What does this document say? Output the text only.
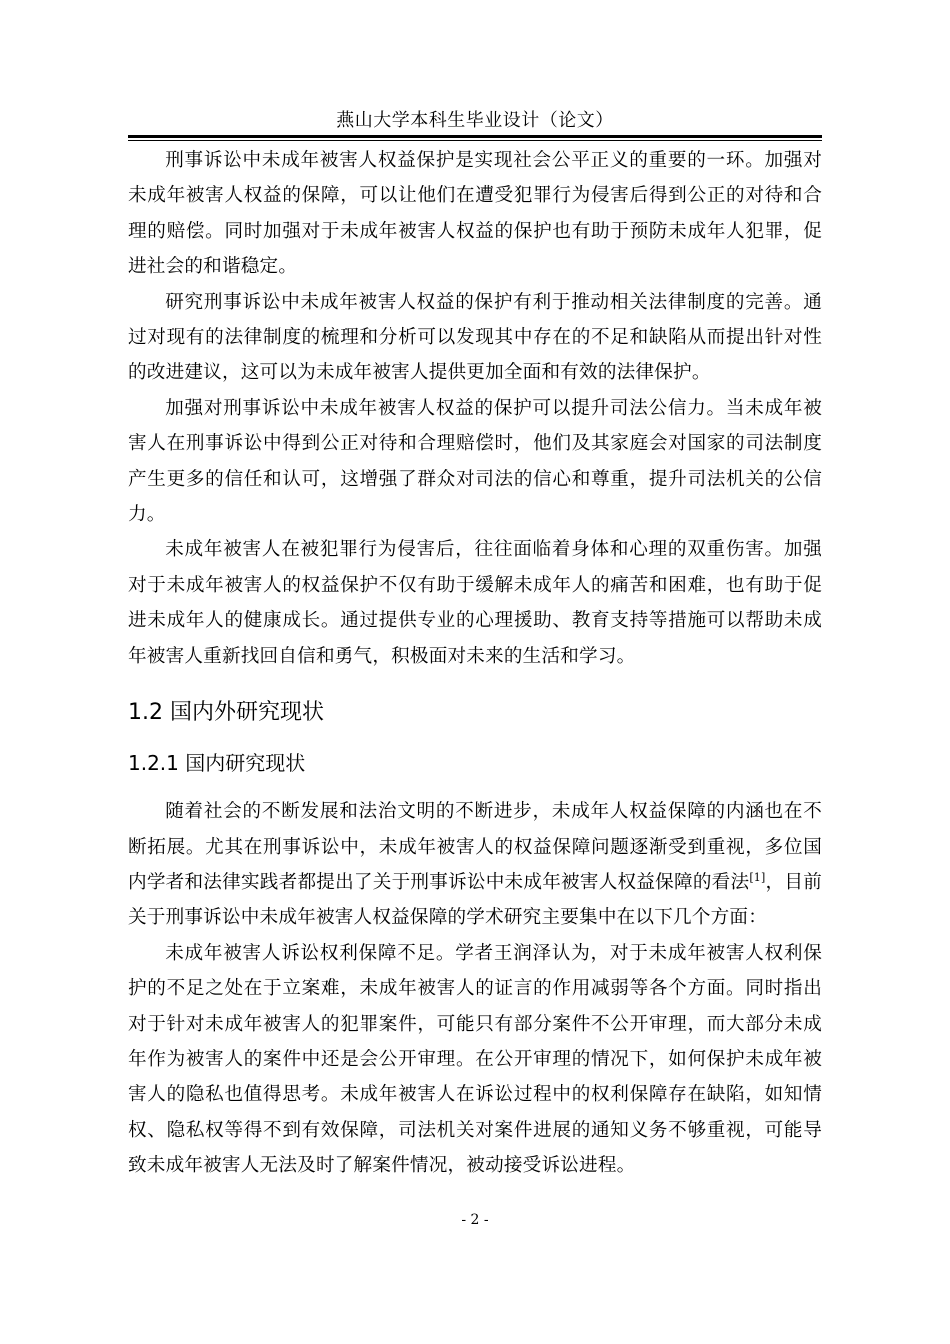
燕山大学本科生毕业设计（论文）

刑事诉讼中未成年被害人权益保护是实现社会公平正义的重要的一环。加强对未成年被害人权益的保障，可以让他们在遭受犯罪行为侵害后得到公正的对待和合理的赔偿。同时加强对于未成年被害人权益的保护也有助于预防未成年人犯罪，促进社会的和谐稳定。

研究刑事诉讼中未成年被害人权益的保护有利于推动相关法律制度的完善。通过对现有的法律制度的梳理和分析可以发现其中存在的不足和缺陷从而提出针对性的改进建议，这可以为未成年被害人提供更加全面和有效的法律保护。

加强对刑事诉讼中未成年被害人权益的保护可以提升司法公信力。当未成年被害人在刑事诉讼中得到公正对待和合理赔偿时，他们及其家庭会对国家的司法制度产生更多的信任和认可，这增强了群众对司法的信心和尊重，提升司法机关的公信力。

未成年被害人在被犯罪行为侵害后，往往面临着身体和心理的双重伤害。加强对于未成年被害人的权益保护不仅有助于缓解未成年人的痛苦和困难，也有助于促进未成年人的健康成长。通过提供专业的心理援助、教育支持等措施可以帮助未成年被害人重新找回自信和勇气，积极面对未来的生活和学习。

1.2 国内外研究现状
1.2.1 国内研究现状

随着社会的不断发展和法治文明的不断进步，未成年人权益保障的内涵也在不断拓展。尤其在刑事诉讼中，未成年被害人的权益保障问题逐渐受到重视，多位国内学者和法律实践者都提出了关于刑事诉讼中未成年被害人权益保障的看法[1]，目前关于刑事诉讼中未成年被害人权益保障的学术研究主要集中在以下几个方面：

未成年被害人诉讼权利保障不足。学者王润泽认为，对于未成年被害人权利保护的不足之处在于立案难，未成年被害人的证言的作用减弱等各个方面。同时指出对于针对未成年被害人的犯罪案件，可能只有部分案件不公开审理，而大部分未成年作为被害人的案件中还是会公开审理。在公开审理的情况下，如何保护未成年被害人的隐私也值得思考。未成年被害人在诉讼过程中的权利保障存在缺陷，如知情权、隐私权等得不到有效保障，司法机关对案件进展的通知义务不够重视，可能导致未成年被害人无法及时了解案件情况，被动接受诉讼进程。

- 2 -
